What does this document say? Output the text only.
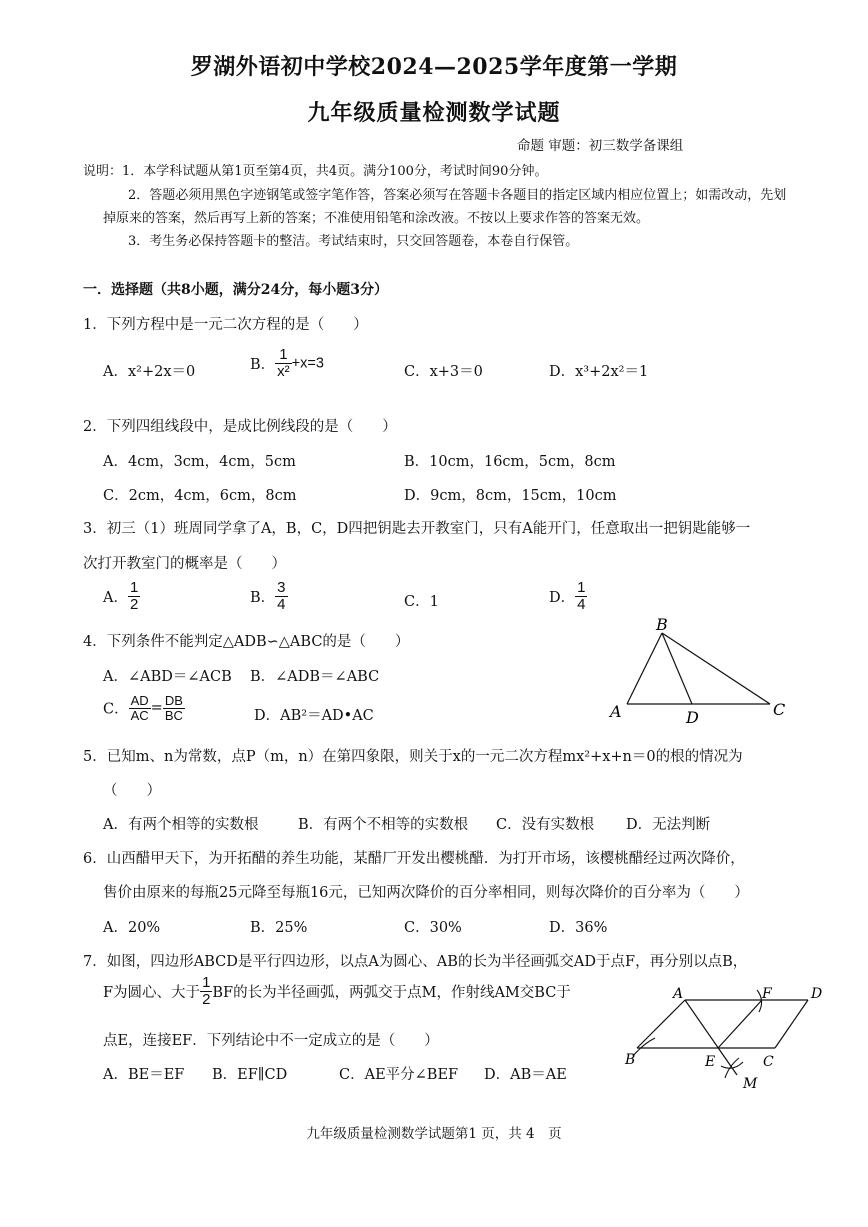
罗湖外语初中学校2024—2025学年度第一学期
九年级质量检测数学试题
命题 审题：初三数学备课组
说明：1．本学科试题从第1页至第4页，共4页。满分100分，考试时间90分钟。
2．答题必须用黑色字迹钢笔或签字笔作答，答案必须写在答题卡各题目的指定区域内相应位置上；如需改动，先划
掉原来的答案，然后再写上新的答案；不准使用铅笔和涂改液。不按以上要求作答的答案无效。
3．考生务必保持答题卡的整洁。考试结束时，只交回答题卷，本卷自行保管。
一．选择题（共8小题，满分24分，每小题3分）
1．下列方程中是一元二次方程的是（　　）
A．x²+2x＝0	B． $\frac{1}{\text{x²}} +x=3$
C．x+3＝0	D．x³+2x²＝1
2．下列四组线段中，是成比例线段的是（　　）
A．4cm，3cm，4cm，5cm	B．10cm，16cm，5cm，8cm
C．2cm，4cm，6cm，8cm	D．9cm，8cm，15cm，10cm
3．初三（1）班周同学拿了A，B，C，D四把钥匙去开教室门，只有A能开门，任意取出一把钥匙能够一
次打开教室门的概率是（　　）
A． $\frac{1}{2}$	B． $\frac{3}{4}$	C．1	D． $\frac{1}{4}$
4．下列条件不能判定△ADB∽△ABC的是（　　）
A．∠ABD＝∠ACB B．∠ADB＝∠ABC
C． $\frac{AD}{AC} = \frac{DB}{BC}$	D．AB²＝AD•AC
B
A	D	C
5．已知m、n为常数，点P（m，n）在第四象限，则关于x的一元二次方程mx²+x+n＝0的根的情况为
（　　）
A．有两个相等的实数根	B．有两个不相等的实数根 C．没有实数根 D．无法判断
6．山西醋甲天下，为开拓醋的养生功能，某醋厂开发出樱桃醋．为打开市场，该樱桃醋经过两次降价，
售价由原来的每瓶25元降至每瓶16元，已知两次降价的百分率相同，则每次降价的百分率为（　　）
A．20%	B．25%	C．30%	D．36%
7．如图，四边形ABCD是平行四边形，以点A为圆心、AB的长为半径画弧交AD于点F，再分别以点B，
F为圆心、大于 $\frac{1}{2}$ BF的长为半径画弧，两弧交于点M，作射线AM交BC于
点E，连接EF．下列结论中不一定成立的是（　　）
A．BE＝EF B．EF∥CD	C．AE平分∠BEF D．AB＝AE
A	F	D
B	E	C
M
九年级质量检测数学试题第1 页，共 4　页
